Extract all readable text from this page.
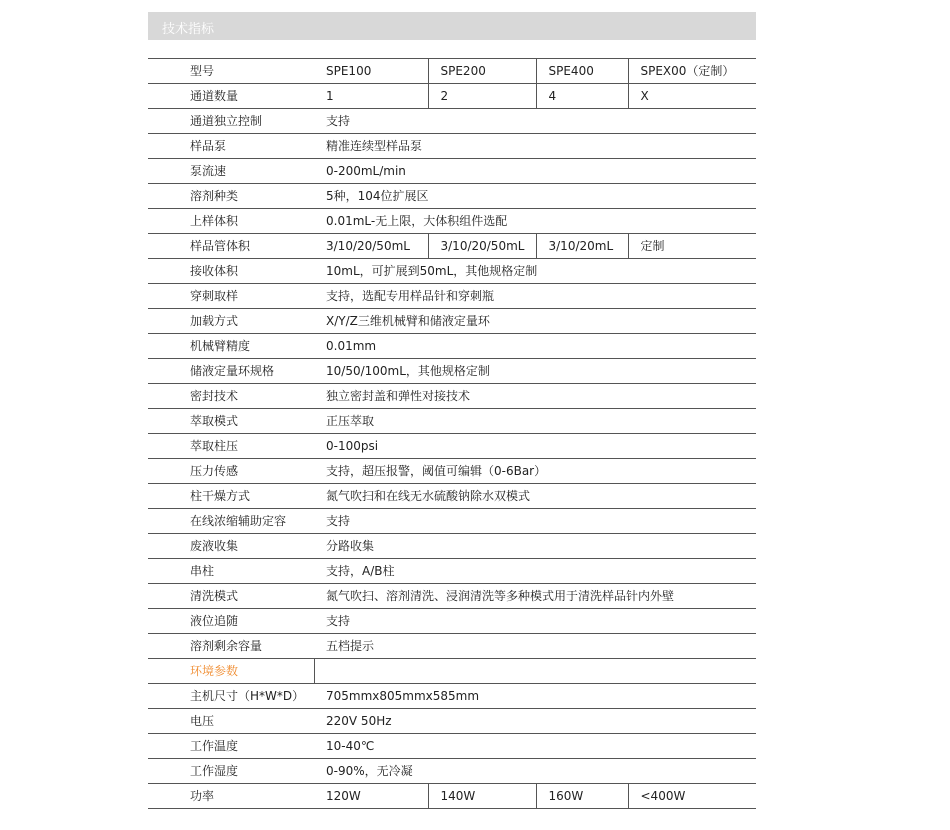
技术指标
型号	SPE100	SPE200	SPE400	SPEX00（定制）
通道数量	1	2	4	X
通道独立控制	支持			
样品泵	精准连续型样品泵			
泵流速	0-200mL/min			
溶剂种类	5种，104位扩展区			
上样体积	0.01mL-无上限，大体积组件选配			
样品管体积	3/10/20/50mL	3/10/20/50mL	3/10/20mL	定制
接收体积	10mL，可扩展到50mL，其他规格定制			
穿刺取样	支持，选配专用样品针和穿刺瓶			
加载方式	X/Y/Z三维机械臂和储液定量环			
机械臂精度	0.01mm			
储液定量环规格	10/50/100mL，其他规格定制			
密封技术	独立密封盖和弹性对接技术			
萃取模式	正压萃取			
萃取柱压	0-100psi			
压力传感	支持，超压报警，阈值可编辑（0-6Bar）			
柱干燥方式	氮气吹扫和在线无水硫酸钠除水双模式			
在线浓缩辅助定容	支持			
废液收集	分路收集			
串柱	支持，A/B柱			
清洗模式	氮气吹扫、溶剂清洗、浸润清洗等多种模式用于清洗样品针内外壁			
液位追随	支持			
溶剂剩余容量	五档提示			
环境参数				
主机尺寸（H*W*D）	705mmx805mmx585mm			
电压	220V 50Hz			
工作温度	10-40℃			
工作湿度	0-90%，无冷凝			
功率	120W	140W	160W	<400W
